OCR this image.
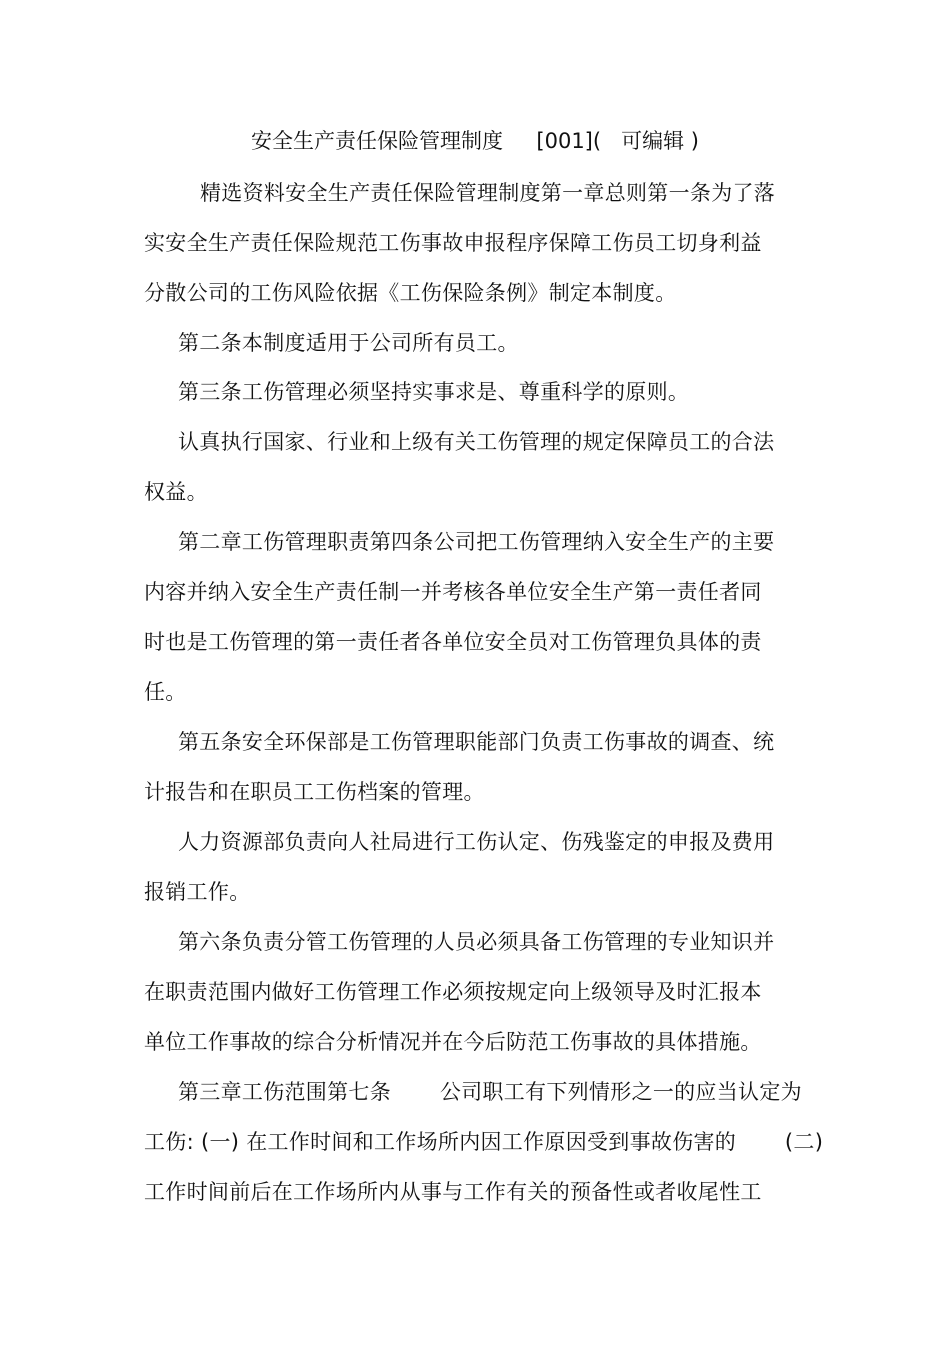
安全生产责任保险管理制度     [001](   可编辑 )
精选资料安全生产责任保险管理制度第一章总则第一条为了落
实安全生产责任保险规范工伤事故申报程序保障工伤员工切身利益
分散公司的工伤风险依据《工伤保险条例》制定本制度。
第二条本制度适用于公司所有员工。
第三条工伤管理必须坚持实事求是、尊重科学的原则。
认真执行国家、行业和上级有关工伤管理的规定保障员工的合法
权益。
第二章工伤管理职责第四条公司把工伤管理纳入安全生产的主要
内容并纳入安全生产责任制一并考核各单位安全生产第一责任者同
时也是工伤管理的第一责任者各单位安全员对工伤管理负具体的责
任。
第五条安全环保部是工伤管理职能部门负责工伤事故的调查、统
计报告和在职员工工伤档案的管理。
人力资源部负责向人社局进行工伤认定、伤残鉴定的申报及费用
报销工作。
第六条负责分管工伤管理的人员必须具备工伤管理的专业知识并
在职责范围内做好工伤管理工作必须按规定向上级领导及时汇报本
单位工作事故的综合分析情况并在今后防范工伤事故的具体措施。
第三章工伤范围第七条       公司职工有下列情形之一的应当认定为
工伤: (一) 在工作时间和工作场所内因工作原因受到事故伤害的       (二)
工作时间前后在工作场所内从事与工作有关的预备性或者收尾性工
